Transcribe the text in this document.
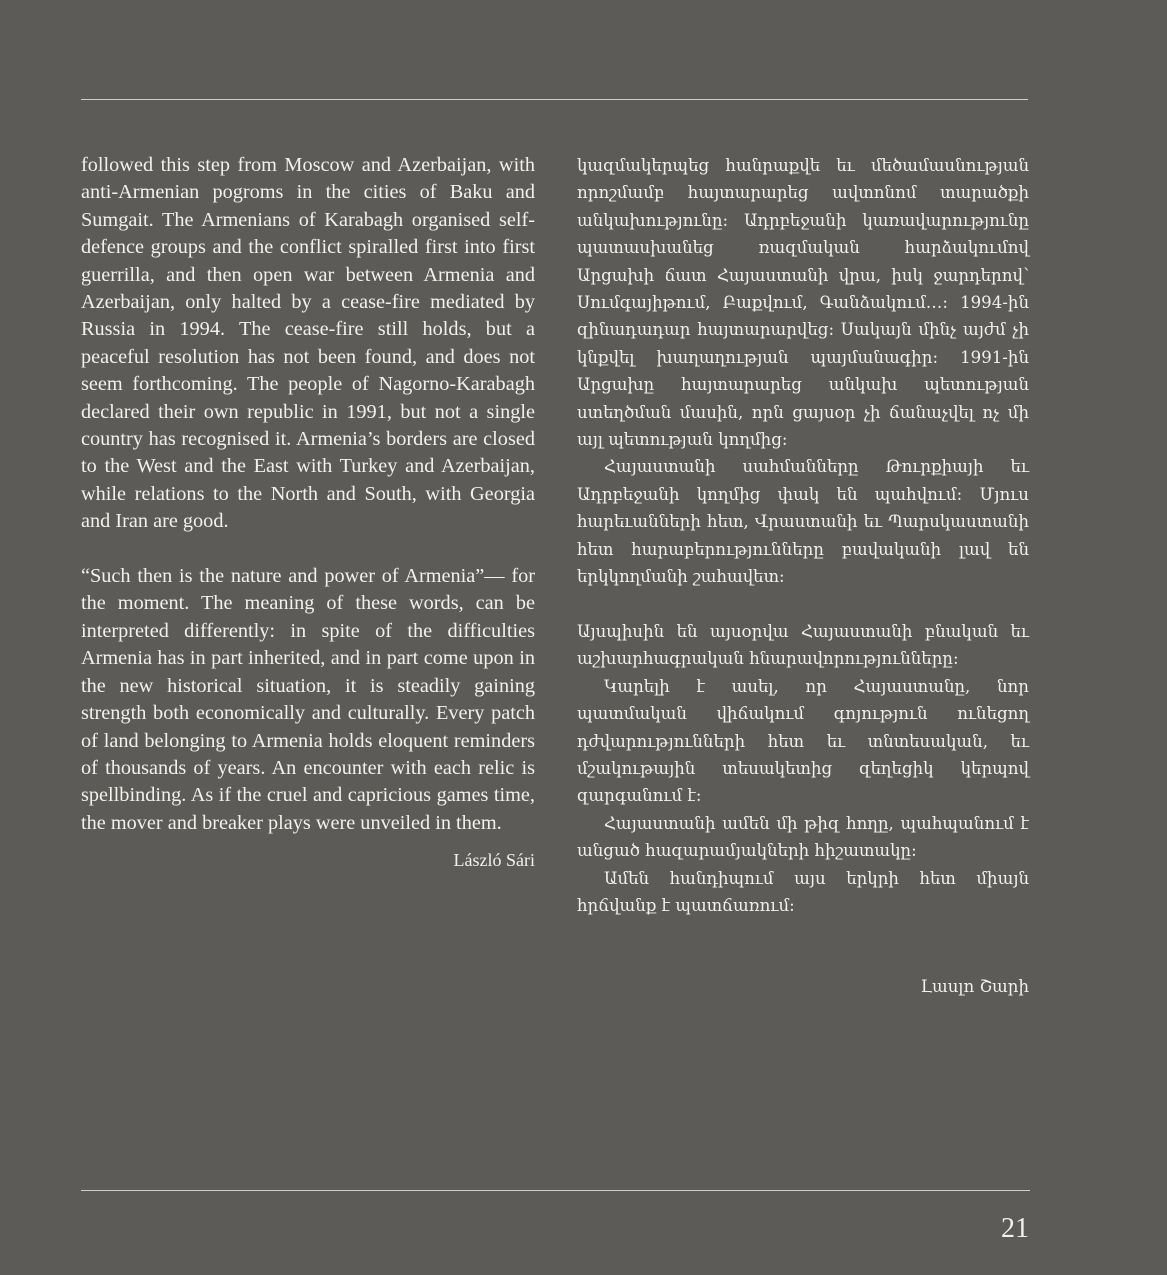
followed this step from Moscow and Azerbaijan, with anti-Armenian pogroms in the cities of Baku and Sumgait. The Armenians of Karabagh organised self-defence groups and the conflict spiralled first into first guerrilla, and then open war between Armenia and Azerbaijan, only halted by a cease-fire mediated by Russia in 1994. The cease-fire still holds, but a peaceful resolution has not been found, and does not seem forthcoming. The people of Nagorno-Karabagh declared their own republic in 1991, but not a single country has recognised it. Armenia’s borders are closed to the West and the East with Turkey and Azerbaijan, while relations to the North and South, with Georgia and Iran are good.

“Such then is the nature and power of Armenia”— for the moment. The meaning of these words, can be interpreted differently: in spite of the difficulties Armenia has in part inherited, and in part come upon in the new historical situation, it is steadily gaining strength both economically and culturally. Every patch of land belonging to Armenia holds eloquent reminders of thousands of years. An encounter with each relic is spellbinding. As if the cruel and capricious games time, the mover and breaker plays were unveiled in them.

László Sári

կազմակերպեց հանրաքվե եւ մեծամասնության որոշմամբ հայտարարեց ավտոնոմ տարածքի անկախությունը: Ադրբեջանի կառավարությունը պատասխանեց ռազմական հարձակումով Արցախի ճատ Հայաստանի վրա, իսկ ջարդերով՝ Սումգայիթում, Բաքվում, Գանձակում…: 1994-ին զինադադար հայտարարվեց: Սակայն մինչ այժմ չի կնքվել խաղաղության պայմանագիր: 1991-ին Արցախը հայտարարեց անկախ պետության ստեղծման մասին, որն ցայսօր չի ճանաչվել ոչ մի այլ պետության կողմից:

Հայաստանի սահմանները Թուրքիայի եւ Ադրբեջանի կողմից փակ են պահվում: Մյուս հարեւանների հետ, Վրաստանի եւ Պարսկաստանի հետ հարաբերությունները բավականի լավ են երկկողմանի շահավետ:

Այսպիսին են այսօրվա Հայաստանի բնական եւ աշխարհագրական հնարավորությունները:

Կարելի է ասել, որ Հայաստանը, նոր պատմական վիճակում գոյություն ունեցող դժվարությունների հետ եւ տնտեսական, եւ մշակութային տեսակետից զեղեցիկ կերպով զարգանում է:

Հայաստանի ամեն մի թիզ հողը, պահպանում է անցած հազարամյակների հիշատակը:

Ամեն հանդիպում այս երկրի հետ միայն հրճվանք է պատճառում:

Լասլո Շարի

21
